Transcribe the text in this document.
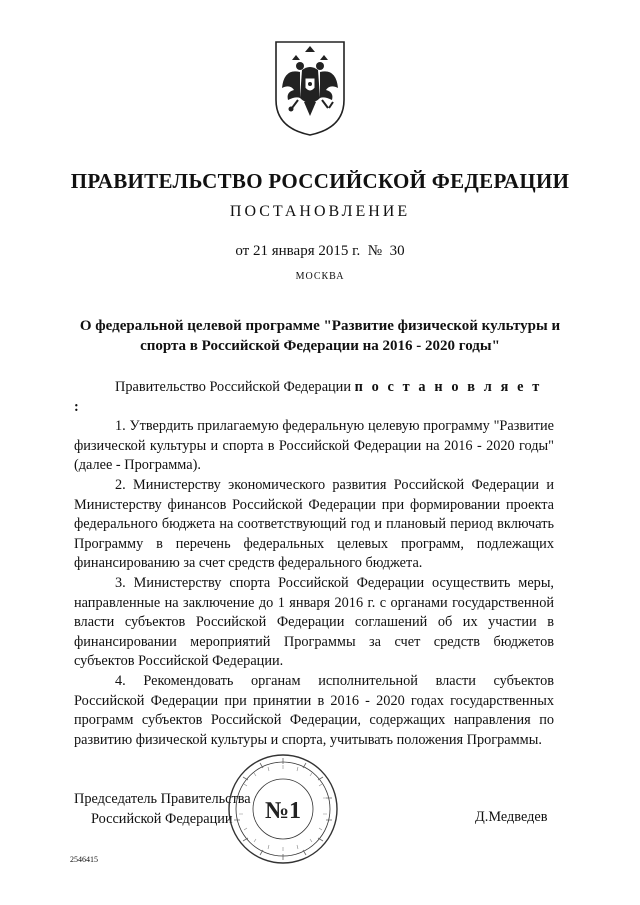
ПРАВИТЕЛЬСТВО РОССИЙСКОЙ ФЕДЕРАЦИИ
ПОСТАНОВЛЕНИЕ
от 21 января 2015 г.  №  30
МОСКВА
О федеральной целевой программе "Развитие физической культуры и
спорта в Российской Федерации на 2016 - 2020 годы"

Правительство Российской Федерации п о с т а н о в л я е т :

1. Утвердить прилагаемую федеральную целевую программу "Развитие физической культуры и спорта в Российской Федерации на 2016 - 2020 годы" (далее - Программа).

2. Министерству экономического развития Российской Федерации и Министерству финансов Российской Федерации при формировании проекта федерального бюджета на соответствующий год и плановый период включать Программу в перечень федеральных целевых программ, подлежащих финансированию за счет средств федерального бюджета.

3. Министерству спорта Российской Федерации осуществить меры, направленные на заключение до 1 января 2016 г. с органами государственной власти субъектов Российской Федерации соглашений об их участии в финансировании мероприятий Программы за счет средств бюджетов субъектов Российской Федерации.

4. Рекомендовать органам исполнительной власти субъектов Российской Федерации при принятии в 2016 - 2020 годах государственных программ субъектов Российской Федерации, содержащих направления по развитию физической культуры и спорта, учитывать положения Программы.

Председатель Правительства
Российской Федерации	№1	Д.Медведев
2546415
